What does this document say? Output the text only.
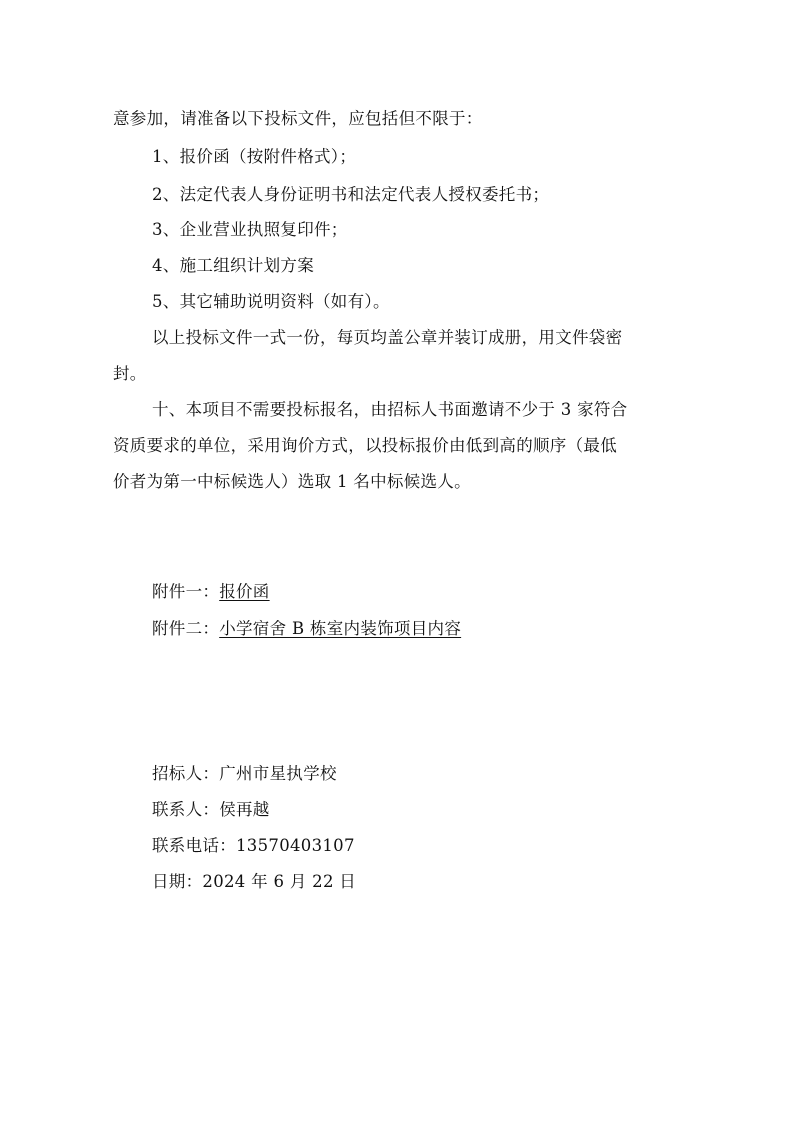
意参加，请准备以下投标文件，应包括但不限于：
1、报价函（按附件格式）；
2、法定代表人身份证明书和法定代表人授权委托书；
3、企业营业执照复印件；
4、施工组织计划方案
5、其它辅助说明资料（如有）。
以上投标文件一式一份，每页均盖公章并装订成册，用文件袋密
封。
十、本项目不需要投标报名，由招标人书面邀请不少于 3 家符合
资质要求的单位，采用询价方式，以投标报价由低到高的顺序（最低
价者为第一中标候选人）选取 1 名中标候选人。
附件一：报价函
附件二：小学宿舍 B 栋室内装饰项目内容
招标人：广州市星执学校
联系人：侯再越
联系电话：13570403107
日期：2024 年 6 月 22 日
